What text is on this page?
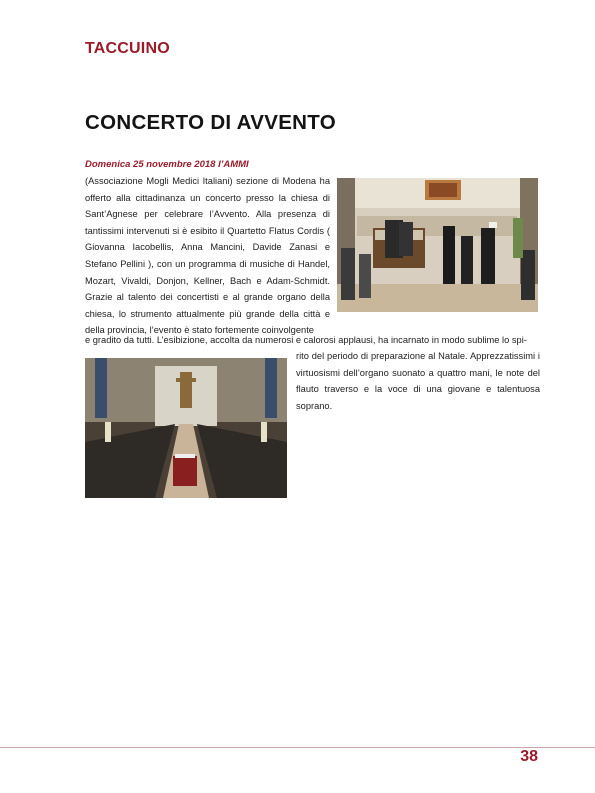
TACCUINO
CONCERTO DI AVVENTO
Domenica 25 novembre 2018 l’AMMI

(Associazione Mogli Medici Italiani) sezione di Modena ha offerto alla cittadinanza un concerto presso la chiesa di Sant’Agnese per celebrare l’Avvento. Alla presenza di tantissimi intervenuti si è esibito il Quartetto Flatus Cordis ( Giovanna Iacobellis, Anna Mancini, Davide Zanasi e Stefano Pellini ), con un programma di musiche di Handel, Mozart, Vivaldi, Donjon, Kellner, Bach e Adam-Schmidt. Grazie al talento dei concertisti e al grande organo della chiesa, lo strumento attualmente più grande della città e della provincia, l’evento è stato fortemente coinvolgente

e gradito da tutti. L’esibizione, accolta da numerosi e calorosi applausi, ha incarnato in modo sublime lo spi-

rito del periodo di preparazione al Natale. Apprezzatissimi i virtuosismi dell’organo suonato a quattro mani, le note del flauto traverso e la voce di una giovane e talentuosa soprano.

38
